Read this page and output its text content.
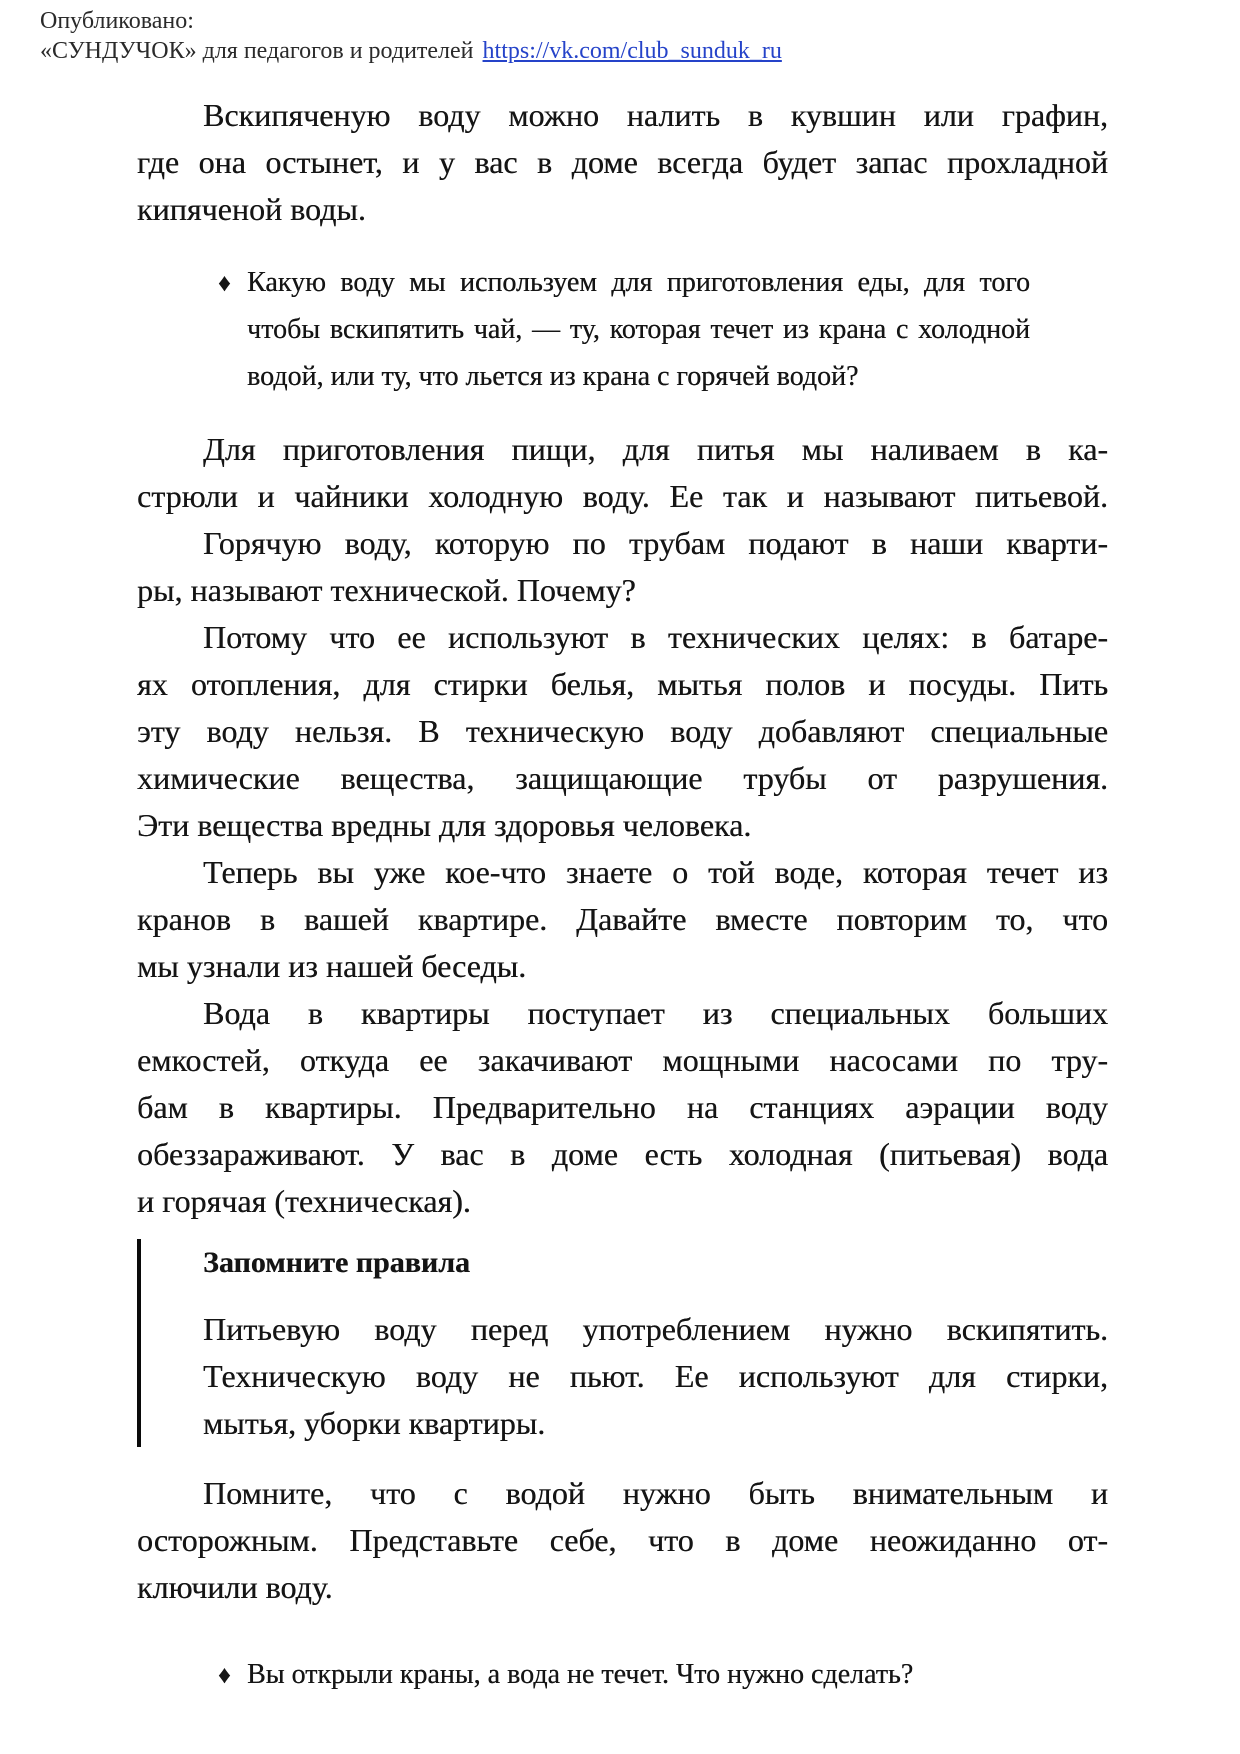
Опубликовано:
«СУНДУЧОК» для педагогов и родителей https://vk.com/club_sunduk_ru
Вскипяченую воду можно налить в кувшин или графин,
где она остынет, и у вас в доме всегда будет запас прохладной
кипяченой воды.
♦ Какую воду мы используем для приготовления еды, для того
чтобы вскипятить чай, — ту, которая течет из крана с холодной
водой, или ту, что льется из крана с горячей водой?
Для приготовления пищи, для питья мы наливаем в ка-
стрюли и чайники холодную воду. Ее так и называют питьевой.
Горячую воду, которую по трубам подают в наши кварти-
ры, называют технической. Почему?
Потому что ее используют в технических целях: в батаре-
ях отопления, для стирки белья, мытья полов и посуды. Пить
эту воду нельзя. В техническую воду добавляют специальные
химические вещества, защищающие трубы от разрушения.
Эти вещества вредны для здоровья человека.
Теперь вы уже кое-что знаете о той воде, которая течет из
кранов в вашей квартире. Давайте вместе повторим то, что
мы узнали из нашей беседы.
Вода в квартиры поступает из специальных больших
емкостей, откуда ее закачивают мощными насосами по тру-
бам в квартиры. Предварительно на станциях аэрации воду
обеззараживают. У вас в доме есть холодная (питьевая) вода
и горячая (техническая).
Запомните правила
Питьевую воду перед употреблением нужно вскипятить.
Техническую воду не пьют. Ее используют для стирки,
мытья, уборки квартиры.
Помните, что с водой нужно быть внимательным и
осторожным. Представьте себе, что в доме неожиданно от-
ключили воду.
♦ Вы открыли краны, а вода не течет. Что нужно сделать?
